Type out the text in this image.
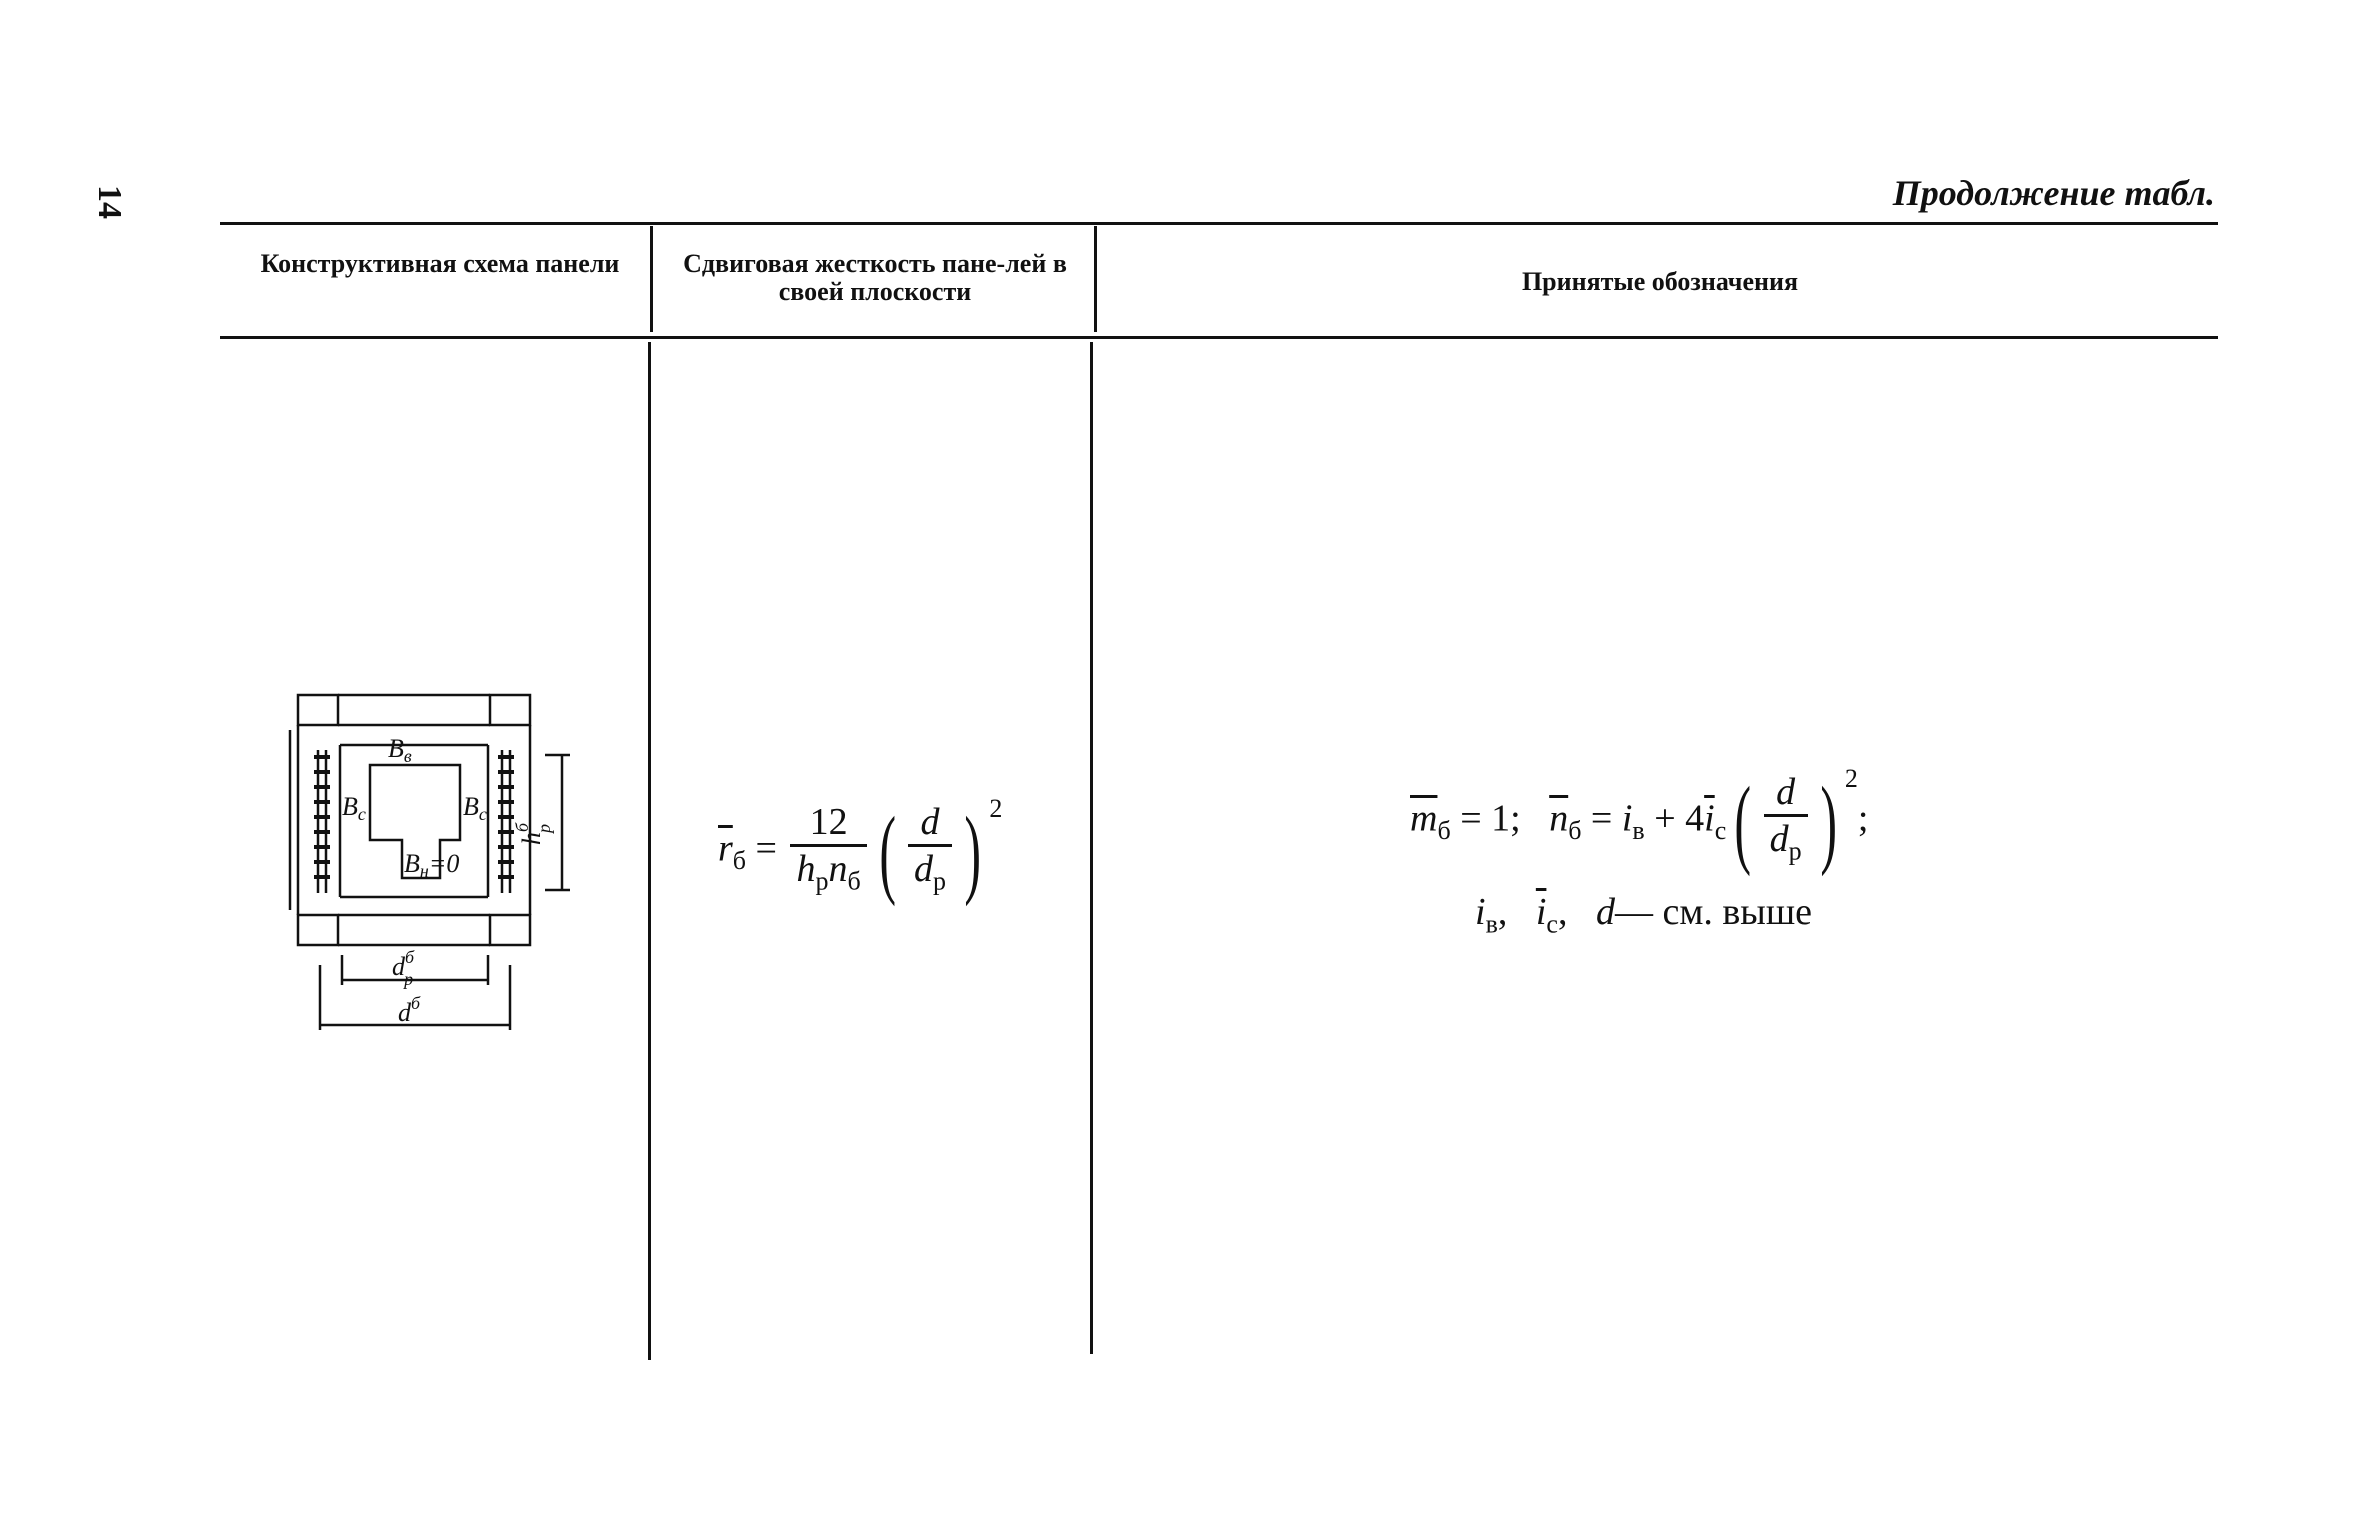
14	Продолжение табл.
Конструктивная схема панели	Сдвиговая жесткость пане-лей в своей плоскости	Принятые обозначения
Bв
Bc	Bc
Bн=0
$d^б$ p
$d^б$
$h^б$ р	$\overline{r}_б = \frac{12}{h_pn_б}$ ( $\frac{d}{d_p}$ ) $^2$	$\overline{m}_б = 1$; $\overline{n}_б = i_в + 4\overline{i}_c( \frac{d}{d_p}$ ) $^2$;
$i_в$, $\overline{i}_c$, d— см. выше
